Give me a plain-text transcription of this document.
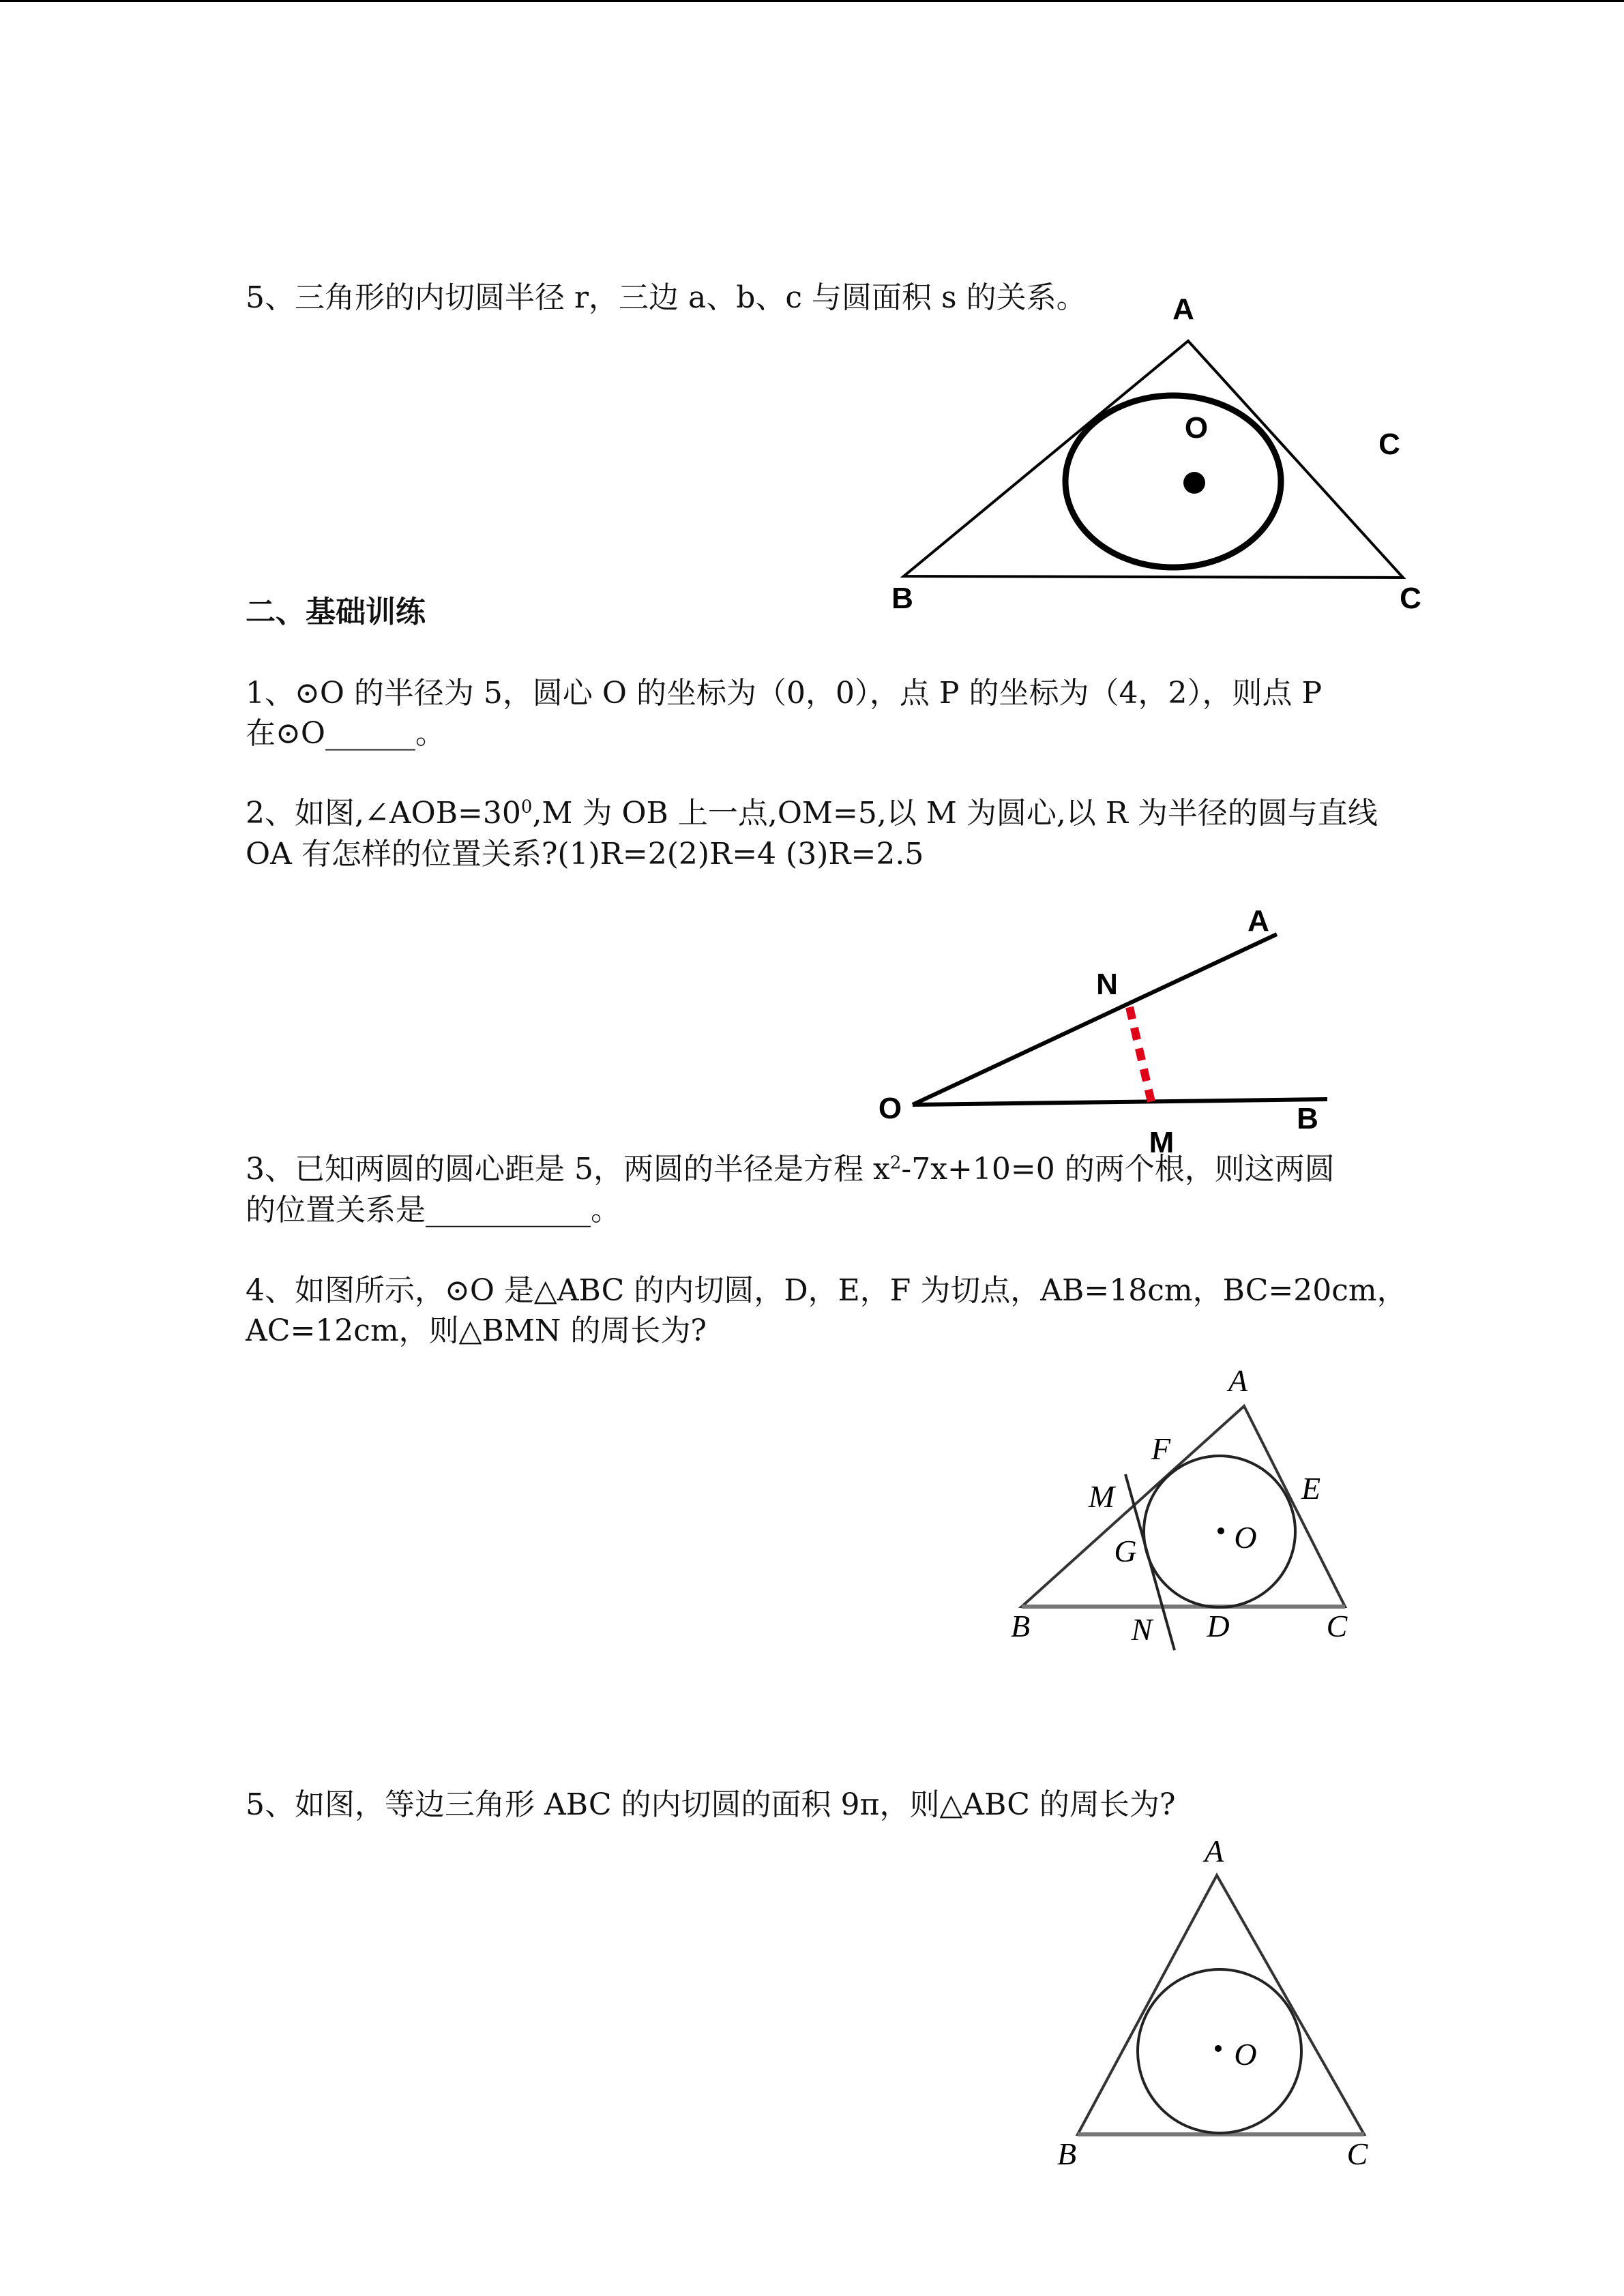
5、三角形的内切圆半径 r，三边 a、b、c 与圆面积 s 的关系。	A
O	C
B	C

二、基础训练

1、⊙O 的半径为 5，圆心 O 的坐标为（0，0），点 P 的坐标为（4，2），则点 P

在⊙O______。

2、如图$,\angle AOB=30^0,M$ 为 OB 上一点,OM=5,以 M 为圆心,以 R 为半径的圆与直线

OA 有怎样的位置关系?(1)R=2(2)R=4 (3)R=2.5

O
A
N
M
B

3、已知两圆的圆心距是 5，两圆的半径是方程 $x^2-7x+10=0$ 的两个根，则这两圆

的位置关系是___________。

4、如图所示，⊙O 是△ABC 的内切圆，D，E，F 为切点，AB=18cm，BC=20cm，

AC=12cm，则△BMN 的周长为?

A
F
E
M
G	O
B	N D	C

5、如图，等边三角形 ABC 的内切圆的面积 9π，则△ABC 的周长为?

A
O
B	C
